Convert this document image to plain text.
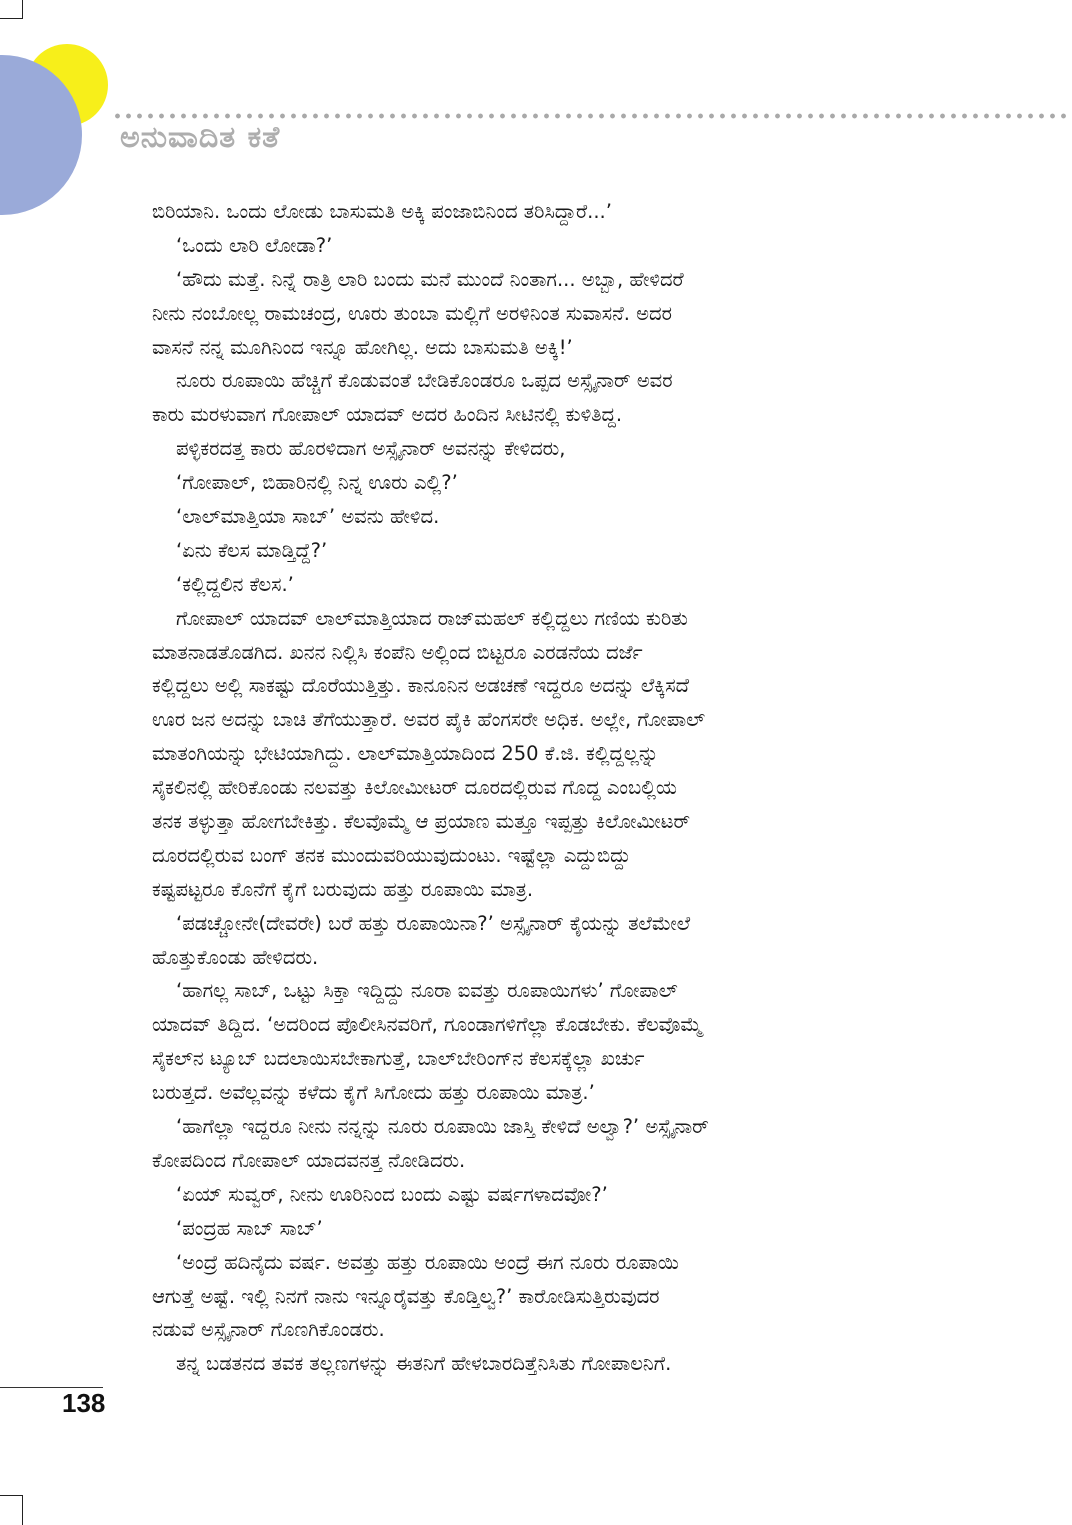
ಅನುವಾದಿತ ಕತೆ
ಬಿರಿಯಾನಿ. ಒಂದು ಲೋಡು ಬಾಸುಮತಿ ಅಕ್ಕಿ ಪಂಜಾಬಿನಿಂದ ತರಿಸಿದ್ದಾರೆ...’
‘ಒಂದು ಲಾರಿ ಲೋಡಾ?’
‘ಹೌದು ಮತ್ತೆ. ನಿನ್ನೆ ರಾತ್ರಿ ಲಾರಿ ಬಂದು ಮನೆ ಮುಂದೆ ನಿಂತಾಗ... ಅಬ್ಬಾ, ಹೇಳಿದರೆ
ನೀನು ನಂಬೋಲ್ಲ ರಾಮಚಂದ್ರ, ಊರು ತುಂಬಾ ಮಲ್ಲಿಗೆ ಅರಳಿನಿಂತ ಸುವಾಸನೆ. ಅದರ
ವಾಸನೆ ನನ್ನ ಮೂಗಿನಿಂದ ಇನ್ನೂ ಹೋಗಿಲ್ಲ. ಅದು ಬಾಸುಮತಿ ಅಕ್ಕಿ!’
ನೂರು ರೂಪಾಯಿ ಹೆಚ್ಚಿಗೆ ಕೊಡುವಂತೆ ಬೇಡಿಕೊಂಡರೂ ಒಪ್ಪದ ಅಸ್ಸೈನಾರ್ ಅವರ
ಕಾರು ಮರಳುವಾಗ ಗೋಪಾಲ್ ಯಾದವ್ ಅದರ ಹಿಂದಿನ ಸೀಟಿನಲ್ಲಿ ಕುಳಿತಿದ್ದ.
ಪಳ್ಳಿಕರದತ್ತ ಕಾರು ಹೊರಳಿದಾಗ ಅಸ್ಸೈನಾರ್ ಅವನನ್ನು ಕೇಳಿದರು,
‘ಗೋಪಾಲ್, ಬಿಹಾರಿನಲ್ಲಿ ನಿನ್ನ ಊರು ಎಲ್ಲಿ?’
‘ಲಾಲ್‌ಮಾತ್ತಿಯಾ ಸಾಬ್’ ಅವನು ಹೇಳಿದ.
‘ಏನು ಕೆಲಸ ಮಾಡ್ತಿದ್ದೆ?’
‘ಕಲ್ಲಿದ್ದಲಿನ ಕೆಲಸ.’
ಗೋಪಾಲ್ ಯಾದವ್ ಲಾಲ್‌ಮಾತ್ತಿಯಾದ ರಾಜ್‌ಮಹಲ್ ಕಲ್ಲಿದ್ದಲು ಗಣಿಯ ಕುರಿತು
ಮಾತನಾಡತೊಡಗಿದ. ಖನನ ನಿಲ್ಲಿಸಿ ಕಂಪೆನಿ ಅಲ್ಲಿಂದ ಬಿಟ್ಟರೂ ಎರಡನೆಯ ದರ್ಜೆ
ಕಲ್ಲಿದ್ದಲು ಅಲ್ಲಿ ಸಾಕಷ್ಟು ದೊರೆಯುತ್ತಿತ್ತು. ಕಾನೂನಿನ ಅಡಚಣೆ ಇದ್ದರೂ ಅದನ್ನು ಲೆಕ್ಕಿಸದೆ
ಊರ ಜನ ಅದನ್ನು ಬಾಚಿ ತೆಗೆಯುತ್ತಾರೆ. ಅವರ ಪೈಕಿ ಹೆಂಗಸರೇ ಅಧಿಕ. ಅಲ್ಲೇ, ಗೋಪಾಲ್
ಮಾತಂಗಿಯನ್ನು ಭೇಟಿಯಾಗಿದ್ದು. ಲಾಲ್‌ಮಾತ್ತಿಯಾದಿಂದ 250 ಕೆ.ಜಿ. ಕಲ್ಲಿದ್ದಲ್ಲನ್ನು
ಸೈಕಲಿನಲ್ಲಿ ಹೇರಿಕೊಂಡು ನಲವತ್ತು ಕಿಲೋಮೀಟರ್ ದೂರದಲ್ಲಿರುವ ಗೊದ್ದ ಎಂಬಲ್ಲಿಯ
ತನಕ ತಳ್ಳುತ್ತಾ ಹೋಗಬೇಕಿತ್ತು. ಕೆಲವೊಮ್ಮೆ ಆ ಪ್ರಯಾಣ ಮತ್ತೂ ಇಪ್ಪತ್ತು ಕಿಲೋಮೀಟರ್
ದೂರದಲ್ಲಿರುವ ಬಂಗ್ ತನಕ ಮುಂದುವರಿಯುವುದುಂಟು. ಇಷ್ಟೆಲ್ಲಾ ಎದ್ದುಬಿದ್ದು
ಕಷ್ಟಪಟ್ಟರೂ ಕೊನೆಗೆ ಕೈಗೆ ಬರುವುದು ಹತ್ತು ರೂಪಾಯಿ ಮಾತ್ರ.
‘ಪಡಚ್ಚೋನೇ(ದೇವರೇ) ಬರೆ ಹತ್ತು ರೂಪಾಯಿನಾ?’ ಅಸ್ಸೈನಾರ್ ಕೈಯನ್ನು ತಲೆಮೇಲೆ
ಹೊತ್ತುಕೊಂಡು ಹೇಳಿದರು.
‘ಹಾಗಲ್ಲ ಸಾಬ್, ಒಟ್ಟು ಸಿಕ್ತಾ ಇದ್ದಿದ್ದು ನೂರಾ ಐವತ್ತು ರೂಪಾಯಿಗಳು’ ಗೋಪಾಲ್
ಯಾದವ್ ತಿದ್ದಿದ. ‘ಅದರಿಂದ ಪೊಲೀಸಿನವರಿಗೆ, ಗೂಂಡಾಗಳಿಗೆಲ್ಲಾ ಕೊಡಬೇಕು. ಕೆಲವೊಮ್ಮೆ
ಸೈಕಲ್‌ನ ಟ್ಯೂಬ್ ಬದಲಾಯಿಸಬೇಕಾಗುತ್ತೆ, ಬಾಲ್‌ಬೇರಿಂಗ್‌ನ ಕೆಲಸಕ್ಕೆಲ್ಲಾ ಖರ್ಚು
ಬರುತ್ತದೆ. ಅವೆಲ್ಲವನ್ನು ಕಳೆದು ಕೈಗೆ ಸಿಗೋದು ಹತ್ತು ರೂಪಾಯಿ ಮಾತ್ರ.’
‘ಹಾಗೆಲ್ಲಾ ಇದ್ದರೂ ನೀನು ನನ್ನನ್ನು ನೂರು ರೂಪಾಯಿ ಜಾಸ್ತಿ ಕೇಳಿದೆ ಅಲ್ವಾ?’ ಅಸ್ಸೈನಾರ್
ಕೋಪದಿಂದ ಗೋಪಾಲ್ ಯಾದವನತ್ತ ನೋಡಿದರು.
‘ಏಯ್ ಸುವ್ವರ್, ನೀನು ಊರಿನಿಂದ ಬಂದು ಎಷ್ಟು ವರ್ಷಗಳಾದವೋ?’
‘ಪಂದ್ರಹ ಸಾಬ್ ಸಾಬ್’
‘ಅಂದ್ರೆ ಹದಿನೈದು ವರ್ಷ. ಅವತ್ತು ಹತ್ತು ರೂಪಾಯಿ ಅಂದ್ರೆ ಈಗ ನೂರು ರೂಪಾಯಿ
ಆಗುತ್ತೆ ಅಷ್ಟೆ. ಇಲ್ಲಿ ನಿನಗೆ ನಾನು ಇನ್ನೂರೈವತ್ತು ಕೊಡ್ತಿಲ್ವ?’ ಕಾರೋಡಿಸುತ್ತಿರುವುದರ
ನಡುವೆ ಅಸ್ಸೈನಾರ್ ಗೊಣಗಿಕೊಂಡರು.
ತನ್ನ ಬಡತನದ ತವಕ ತಲ್ಲಣಗಳನ್ನು ಈತನಿಗೆ ಹೇಳಬಾರದಿತ್ತೆನಿಸಿತು ಗೋಪಾಲನಿಗೆ.
138
